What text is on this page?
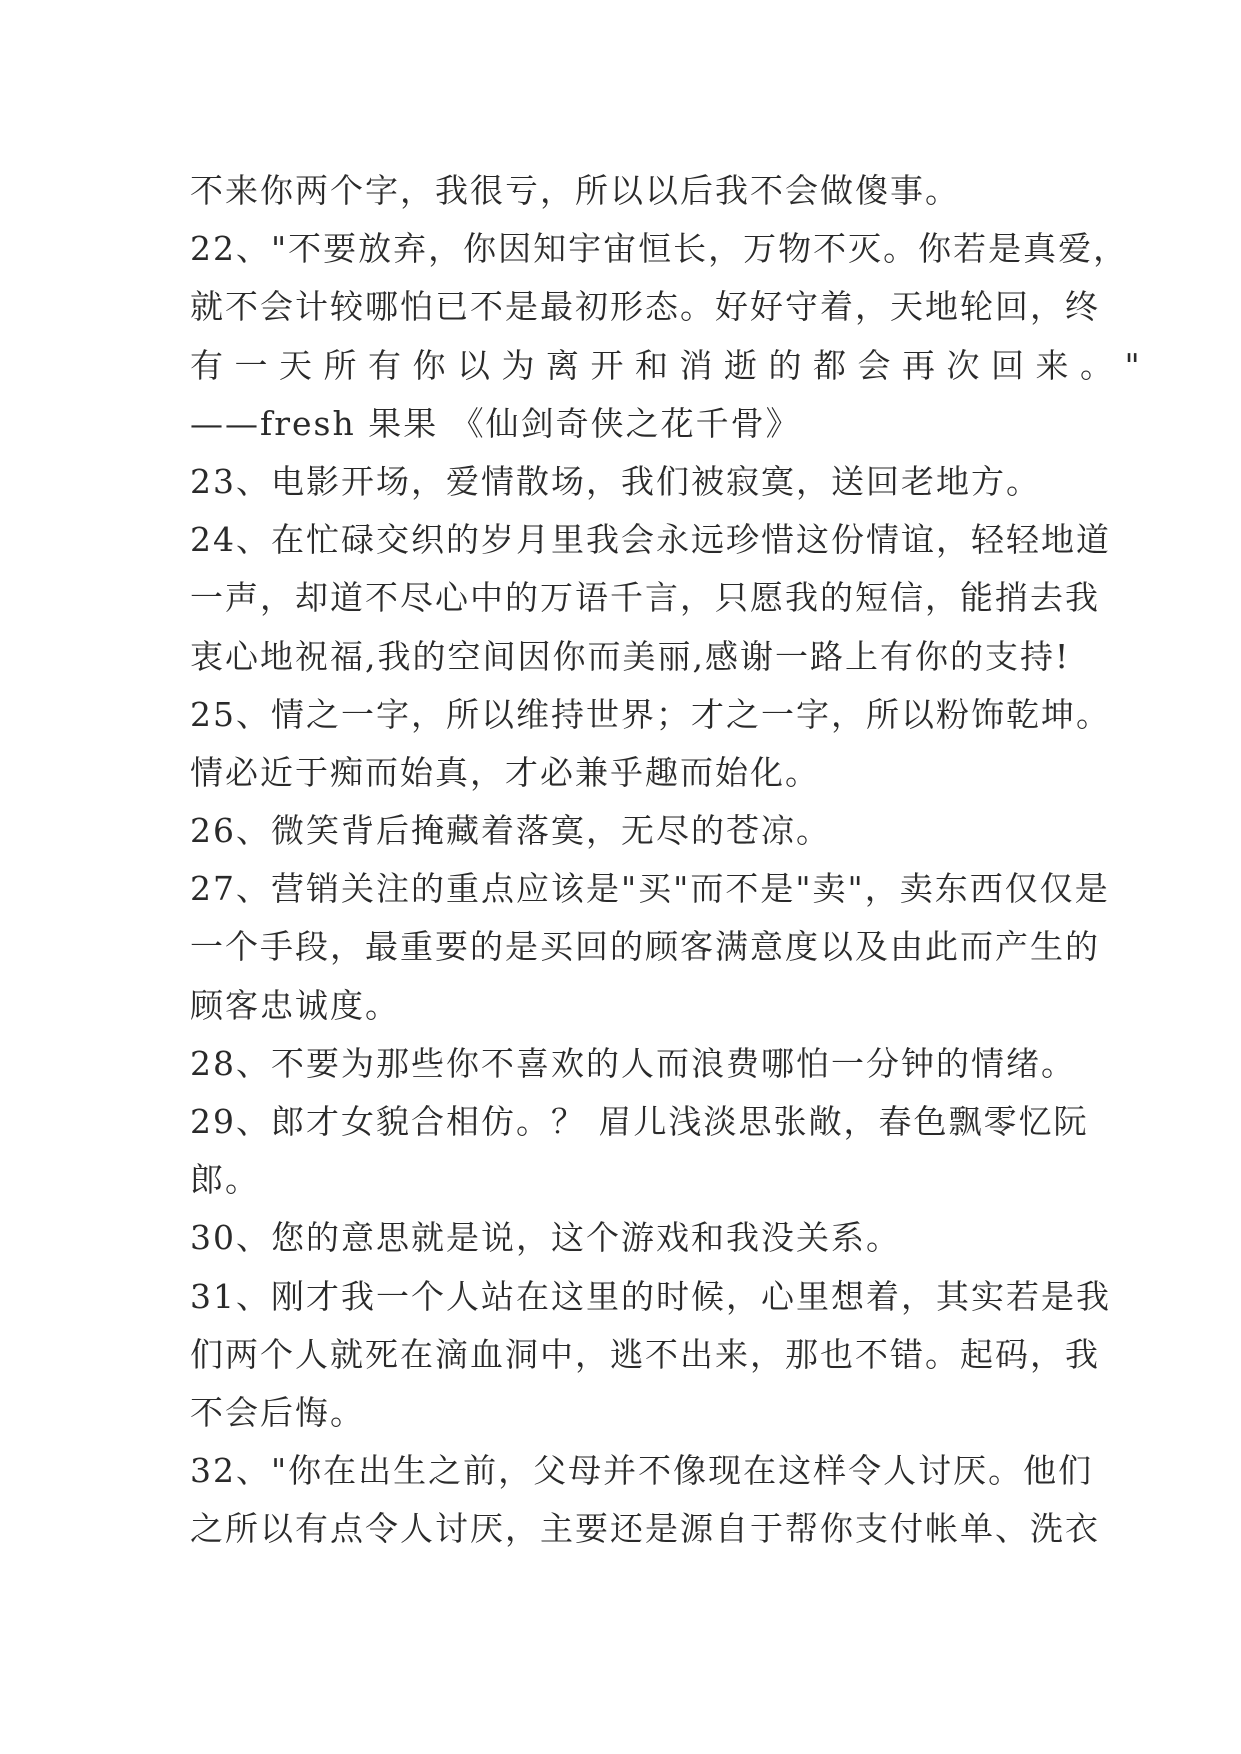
不来你两个字，我很亏，所以以后我不会做傻事。
22、"不要放弃，你因知宇宙恒长，万物不灭。你若是真爱，
就不会计较哪怕已不是最初形态。好好守着，天地轮回，终
有一天所有你以为离开和消逝的都会再次回来。"
——fresh 果果 《仙剑奇侠之花千骨》
23、电影开场，爱情散场，我们被寂寞，送回老地方。
24、在忙碌交织的岁月里我会永远珍惜这份情谊，轻轻地道
一声，却道不尽心中的万语千言，只愿我的短信，能捎去我
衷心地祝福,我的空间因你而美丽,感谢一路上有你的支持!
25、情之一字，所以维持世界；才之一字，所以粉饰乾坤。
情必近于痴而始真，才必兼乎趣而始化。
26、微笑背后掩藏着落寞，无尽的苍凉。
27、营销关注的重点应该是"买"而不是"卖"，卖东西仅仅是
一个手段，最重要的是买回的顾客满意度以及由此而产生的
顾客忠诚度。
28、不要为那些你不喜欢的人而浪费哪怕一分钟的情绪。
29、郎才女貌合相仿。？ 眉儿浅淡思张敞，春色飘零忆阮
郎。
30、您的意思就是说，这个游戏和我没关系。
31、刚才我一个人站在这里的时候，心里想着，其实若是我
们两个人就死在滴血洞中，逃不出来，那也不错。起码，我
不会后悔。
32、"你在出生之前，父母并不像现在这样令人讨厌。他们
之所以有点令人讨厌，主要还是源自于帮你支付帐单、洗衣
